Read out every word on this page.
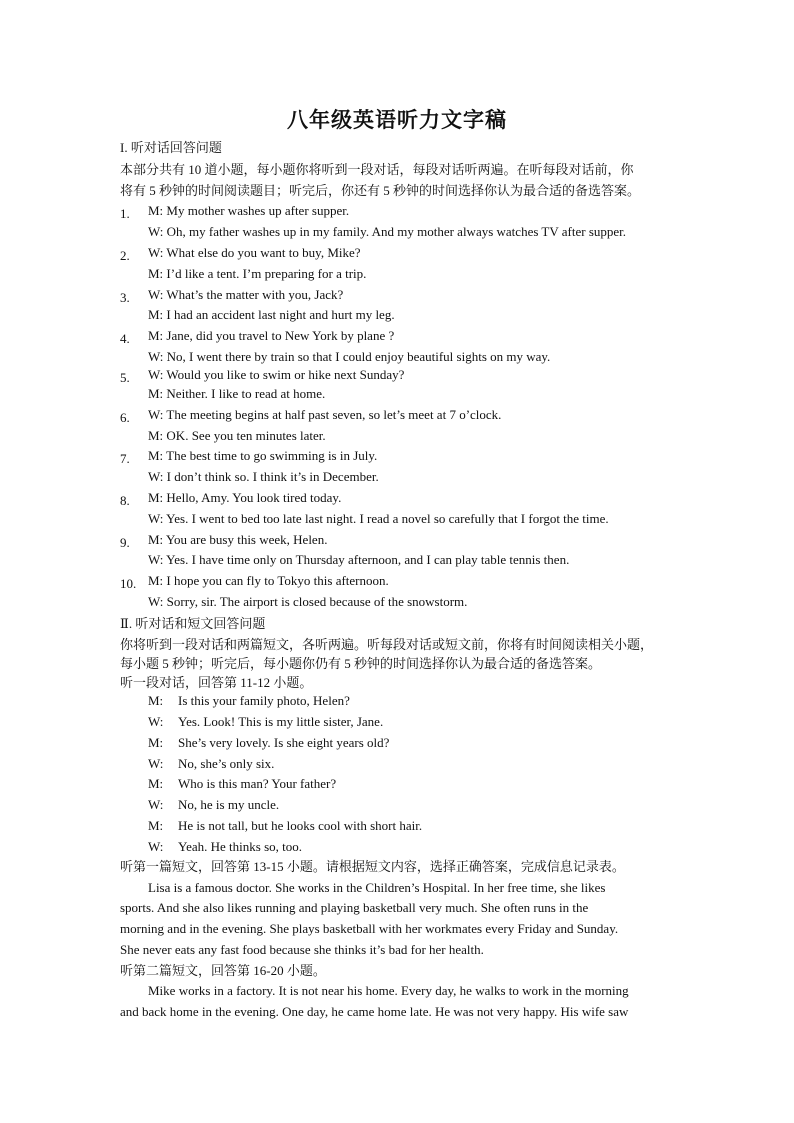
八年级英语听力文字稿
I. 听对话回答问题
本部分共有 10 道小题，每小题你将听到一段对话，每段对话听两遍。在听每段对话前，你
将有 5 秒钟的时间阅读题目；听完后，你还有 5 秒钟的时间选择你认为最合适的备选答案。
1. M: My mother washes up after supper.
W: Oh, my father washes up in my family. And my mother always watches TV after supper.
2. W: What else do you want to buy, Mike?
M: I’d like a tent. I’m preparing for a trip.
3. W: What’s the matter with you, Jack?
M: I had an accident last night and hurt my leg.
4. M: Jane, did you travel to New York by plane ?
W: No, I went there by train so that I could enjoy beautiful sights on my way.
5. W: Would you like to swim or hike next Sunday?
M: Neither. I like to read at home.
6. W: The meeting begins at half past seven, so let’s meet at 7 o’clock.
M: OK. See you ten minutes later.
7. M: The best time to go swimming is in July.
W: I don’t think so. I think it’s in December.
8. M: Hello, Amy. You look tired today.
W: Yes. I went to bed too late last night. I read a novel so carefully that I forgot the time.
9. M: You are busy this week, Helen.
W: Yes. I have time only on Thursday afternoon, and I can play table tennis then.
10. M: I hope you can fly to Tokyo this afternoon.
W: Sorry, sir. The airport is closed because of the snowstorm.
Ⅱ. 听对话和短文回答问题
你将听到一段对话和两篇短文，各听两遍。听每段对话或短文前，你将有时间阅读相关小题，
每小题 5 秒钟；听完后，每小题你仍有 5 秒钟的时间选择你认为最合适的备选答案。
听一段对话，回答第 11-12 小题。
M: Is this your family photo, Helen?
W: Yes. Look! This is my little sister, Jane.
M: She’s very lovely. Is she eight years old?
W: No, she’s only six.
M: Who is this man? Your father?
W: No, he is my uncle.
M: He is not tall, but he looks cool with short hair.
W: Yeah. He thinks so, too.
听第一篇短文，回答第 13-15 小题。请根据短文内容，选择正确答案，完成信息记录表。
Lisa is a famous doctor. She works in the Children’s Hospital. In her free time, she likes
sports. And she also likes running and playing basketball very much. She often runs in the
morning and in the evening. She plays basketball with her workmates every Friday and Sunday.
She never eats any fast food because she thinks it’s bad for her health.
听第二篇短文，回答第 16-20 小题。
Mike works in a factory. It is not near his home. Every day, he walks to work in the morning
and back home in the evening. One day, he came home late. He was not very happy. His wife saw
